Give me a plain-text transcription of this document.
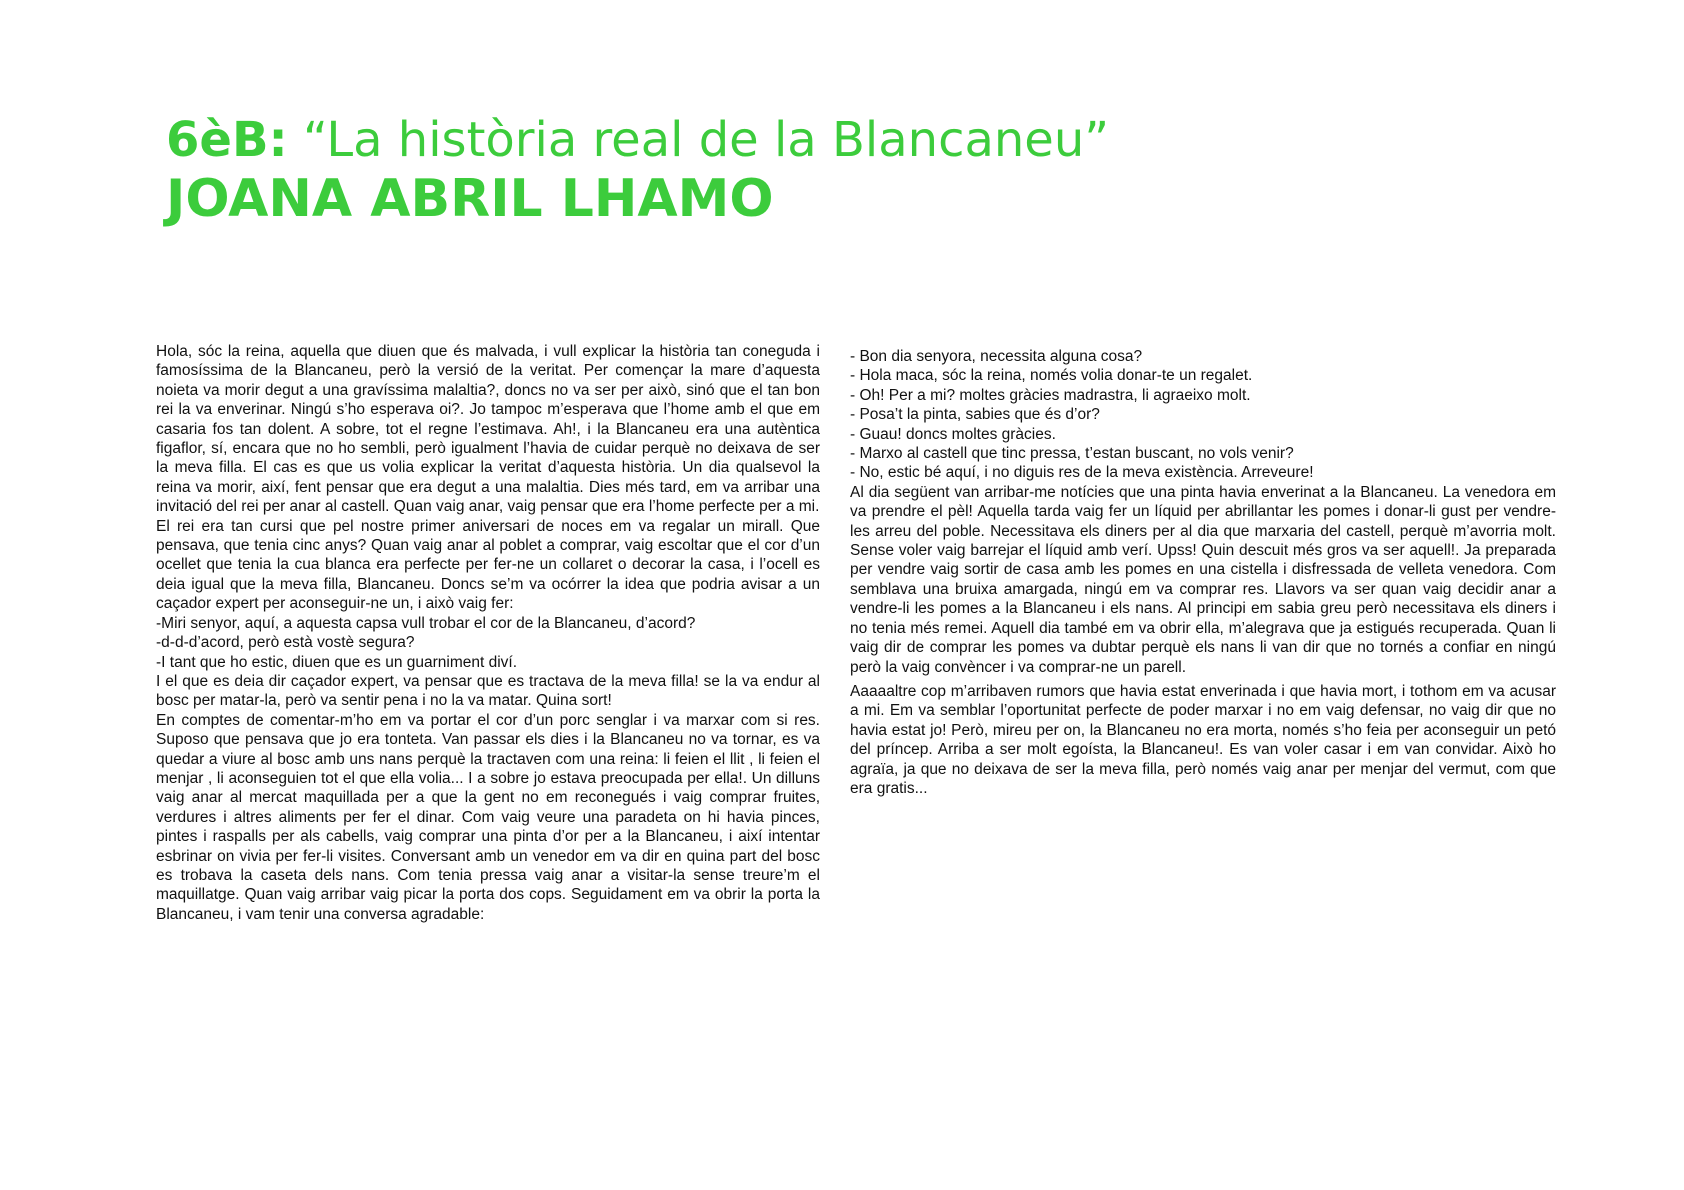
6èB: “La història real de la Blancaneu”

JOANA ABRIL LHAMO

Hola, sóc la reina, aquella que diuen que és malvada, i vull explicar la història tan coneguda i famosíssima de la Blancaneu, però la versió de la veritat. Per començar la mare d’aquesta noieta va morir degut a una gravíssima malaltia?, doncs no va ser per això, sinó que el tan bon rei la va enverinar. Ningú s’ho esperava oi?. Jo tampoc m’esperava que l’home amb el que em casaria fos tan dolent. A sobre, tot el regne l’estimava. Ah!, i la Blancaneu era una autèntica figaflor, sí, encara que no ho sembli, però igualment l’havia de cuidar perquè no deixava de ser la meva filla. El cas es que us volia explicar la veritat d’aquesta història. Un dia qualsevol la reina va morir, així, fent pensar que era degut a una malaltia. Dies més tard, em va arribar una invitació del rei per anar al castell. Quan vaig anar, vaig pensar que era l’home perfecte per a mi.

El rei era tan cursi que pel nostre primer aniversari de noces em va regalar un mirall. Que pensava, que tenia cinc anys? Quan vaig anar al poblet a comprar, vaig escoltar que el cor d’un ocellet que tenia la cua blanca era perfecte per fer-ne un collaret o decorar la casa, i l’ocell es deia igual que la meva filla, Blancaneu. Doncs se’m va ocórrer la idea que podria avisar a un caçador expert per aconseguir-ne un, i això vaig fer:

-Miri senyor, aquí, a aquesta capsa vull trobar el cor de la Blancaneu, d’acord?

-d-d-d’acord, però està vostè segura?

-I tant que ho estic, diuen que es un guarniment diví.

I el que es deia dir caçador expert, va pensar que es tractava de la meva filla! se la va endur al bosc per matar-la, però va sentir pena i no la va matar. Quina sort!

En comptes de comentar-m’ho em va portar el cor d’un porc senglar i va marxar com si res. Suposo que pensava que jo era tonteta. Van passar els dies i la Blancaneu no va tornar, es va quedar a viure al bosc amb uns nans perquè la tractaven com una reina: li feien el llit , li feien el menjar , li aconseguien tot el que ella volia... I a sobre jo estava preocupada per ella!. Un dilluns vaig anar al mercat maquillada per a que la gent no em reconegués i vaig comprar fruites, verdures i altres aliments per fer el dinar. Com vaig veure una paradeta on hi havia pinces, pintes i raspalls per als cabells, vaig comprar una pinta d’or per a la Blancaneu, i així intentar esbrinar on vivia per fer-li visites. Conversant amb un venedor em va dir en quina part del bosc es trobava la caseta dels nans. Com tenia pressa vaig anar a visitar-la sense treure’m el maquillatge. Quan vaig arribar vaig picar la porta dos cops. Seguidament em va obrir la porta la Blancaneu, i vam tenir una conversa agradable:

- Bon dia senyora, necessita alguna cosa?

- Hola maca, sóc la reina, només volia donar-te un regalet.

- Oh! Per a mi? moltes gràcies madrastra, li agraeixo molt.

- Posa’t la pinta, sabies que és d’or?

- Guau! doncs moltes gràcies.

- Marxo al castell que tinc pressa, t’estan buscant, no vols venir?

- No, estic bé aquí, i no diguis res de la meva existència. Arreveure!

Al dia següent van arribar-me notícies que una pinta havia enverinat a la Blancaneu. La venedora em va prendre el pèl! Aquella tarda vaig fer un líquid per abrillantar les pomes i donar-li gust per vendre-les arreu del poble. Necessitava els diners per al dia que marxaria del castell, perquè m’avorria molt. Sense voler vaig barrejar el líquid amb verí. Upss! Quin descuit més gros va ser aquell!. Ja preparada per vendre vaig sortir de casa amb les pomes en una cistella i disfressada de velleta venedora. Com semblava una bruixa amargada, ningú em va comprar res. Llavors va ser quan vaig decidir anar a vendre-li les pomes a la Blancaneu i els nans. Al principi em sabia greu però necessitava els diners i no tenia més remei. Aquell dia també em va obrir ella, m’alegrava que ja estigués recuperada. Quan li vaig dir de comprar les pomes va dubtar perquè els nans li van dir que no tornés a confiar en ningú però la vaig convèncer i va comprar-ne un parell.

Aaaaaltre cop m’arribaven rumors que havia estat enverinada i que havia mort, i tothom em va acusar a mi. Em va semblar l’oportunitat perfecte de poder marxar i no em vaig defensar, no vaig dir que no havia estat jo! Però, mireu per on, la Blancaneu no era morta, només s’ho feia per aconseguir un petó del príncep. Arriba a ser molt egoísta, la Blancaneu!. Es van voler casar i em van convidar. Això ho agraïa, ja que no deixava de ser la meva filla, però només vaig anar per menjar del vermut, com que era gratis...
